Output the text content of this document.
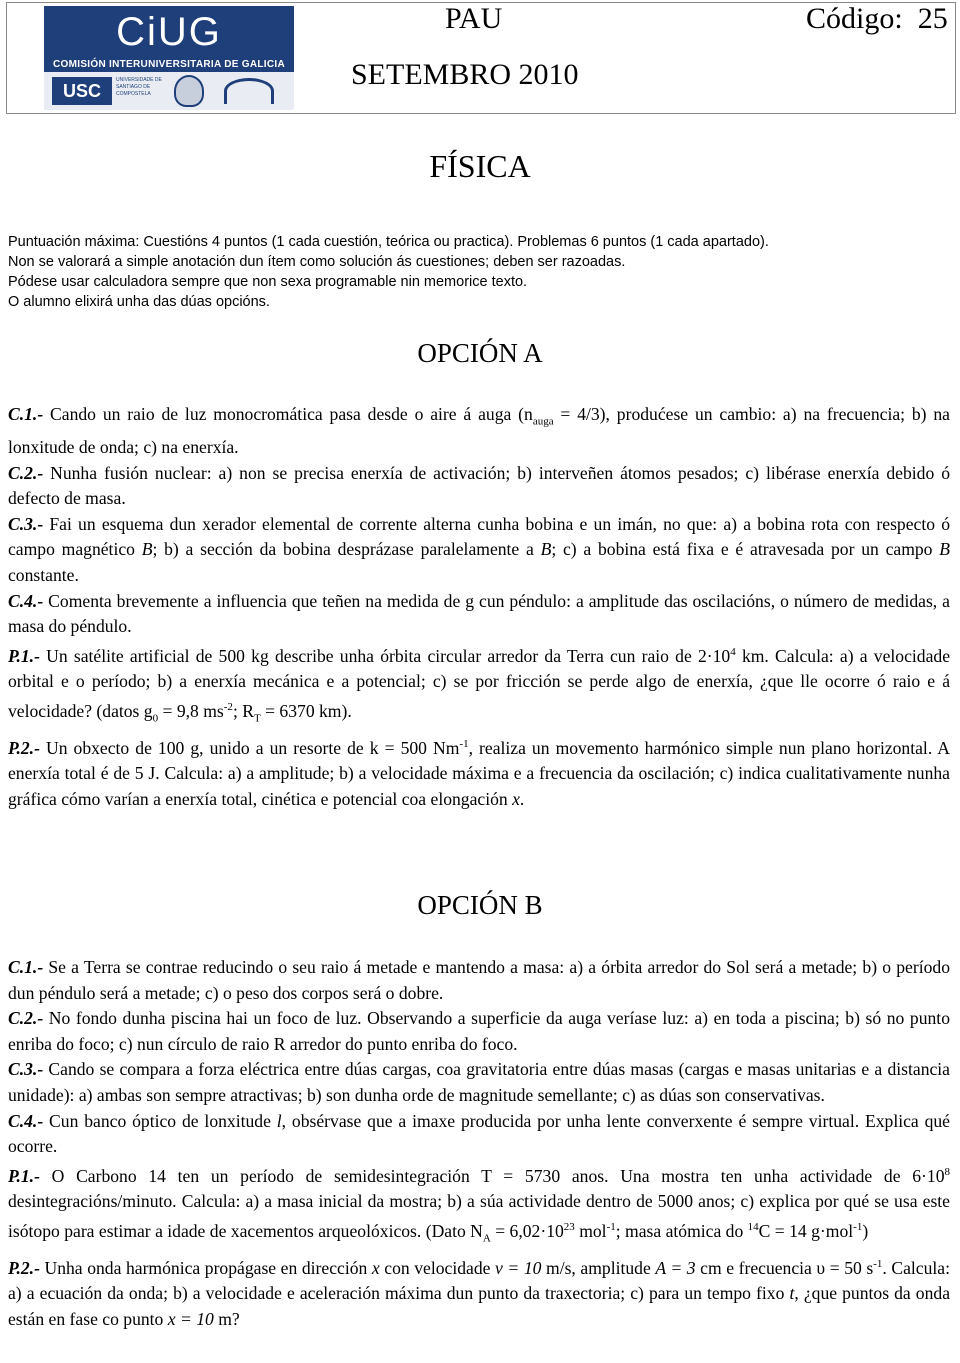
CiUG
COMISIÓN INTERUNIVERSITARIA DE GALICIA
USC
UNIVERSIDADE DE SANTIAGO DE COMPOSTELA
PAU	Código: 25
SETEMBRO 2010
FÍSICA
Puntuación máxima: Cuestións 4 puntos (1 cada cuestión, teórica ou practica). Problemas 6 puntos (1 cada apartado).
Non se valorará a simple anotación dun ítem como solución ás cuestiones; deben ser razoadas.
Pódese usar calculadora sempre que non sexa programable nin memorice texto.
O alumno elixirá unha das dúas opcións.
OPCIÓN A

C.1.- Cando un raio de luz monocromática pasa desde o aire á auga $(n_{auga} = 4/3)$, produćese un cambio: a) na frecuencia; b) na lonxitude de onda; c) na enerxía.

C.2.- Nunha fusión nuclear: a) non se precisa enerxía de activación; b) interveñen átomos pesados; c) libérase enerxía debido ó defecto de masa.

C.3.- Fai un esquema dun xerador elemental de corrente alterna cunha bobina e un imán, no que: a) a bobina rota con respecto ó campo magnético B; b) a sección da bobina desprázase paralelamente a B; c) a bobina está fixa e é atravesada por un campo B constante.

C.4.- Comenta brevemente a influencia que teñen na medida de g cun péndulo: a amplitude das oscilacións, o número de medidas, a masa do péndulo.

P.1.- Un satélite artificial de 500 kg describe unha órbita circular arredor da Terra cun raio de $2\cdot 10^4$ km. Calcula: a) a velocidade orbital e o período; b) a enerxía mecánica e a potencial; c) se por fricción se perde algo de enerxía, ¿que lle ocorre ó raio e á velocidade? (datos $g_0 = 9,8$ $ms^{-2}$; $R_T = 6370$ km).

P.2.- Un obxecto de 100 g, unido a un resorte de k = 500 $Nm^{-1}$, realiza un movemento harmónico simple nun plano horizontal. A enerxía total é de 5 J. Calcula: a) a amplitude; b) a velocidade máxima e a frecuencia da oscilación; c) indica cualitativamente nunha gráfica cómo varían a enerxía total, cinética e potencial coa elongación x.

OPCIÓN B

C.1.- Se a Terra se contrae reducindo o seu raio á metade e mantendo a masa: a) a órbita arredor do Sol será a metade; b) o período dun péndulo será a metade; c) o peso dos corpos será o dobre.

C.2.- No fondo dunha piscina hai un foco de luz. Observando a superficie da auga veríase luz: a) en toda a piscina; b) só no punto enriba do foco; c) nun círculo de raio R arredor do punto enriba do foco.

C.3.- Cando se compara a forza eléctrica entre dúas cargas, coa gravitatoria entre dúas masas (cargas e masas unitarias e a distancia unidade): a) ambas son sempre atractivas; b) son dunha orde de magnitude semellante; c) as dúas son conservativas.

C.4.- Cun banco óptico de lonxitude l, obsérvase que a imaxe producida por unha lente converxente é sempre virtual. Explica qué ocorre.

P.1.- O Carbono 14 ten un período de semidesintegración T = 5730 anos. Una mostra ten unha actividade de $6\cdot 10^8$ desintegracións/minuto. Calcula: a) a masa inicial da mostra; b) a súa actividade dentro de 5000 anos; c) explica por qué se usa este isótopo para estimar a idade de xacementos arqueolóxicos. (Dato $N_A = 6,02\cdot 10^{23}$ mol$^{-1}$; masa atómica do $^{14}$C = 14 g·mol$^{-1}$)

P.2.- Unha onda harmónica propágase en dirección x con velocidade v = 10 m/s, amplitude A = 3 cm e frecuencia υ = 50 $s^{-1}$. Calcula: a) a ecuación da onda; b) a velocidade e aceleración máxima dun punto da traxectoria; c) para un tempo fixo t, ¿que puntos da onda están en fase co punto x = 10 m?
